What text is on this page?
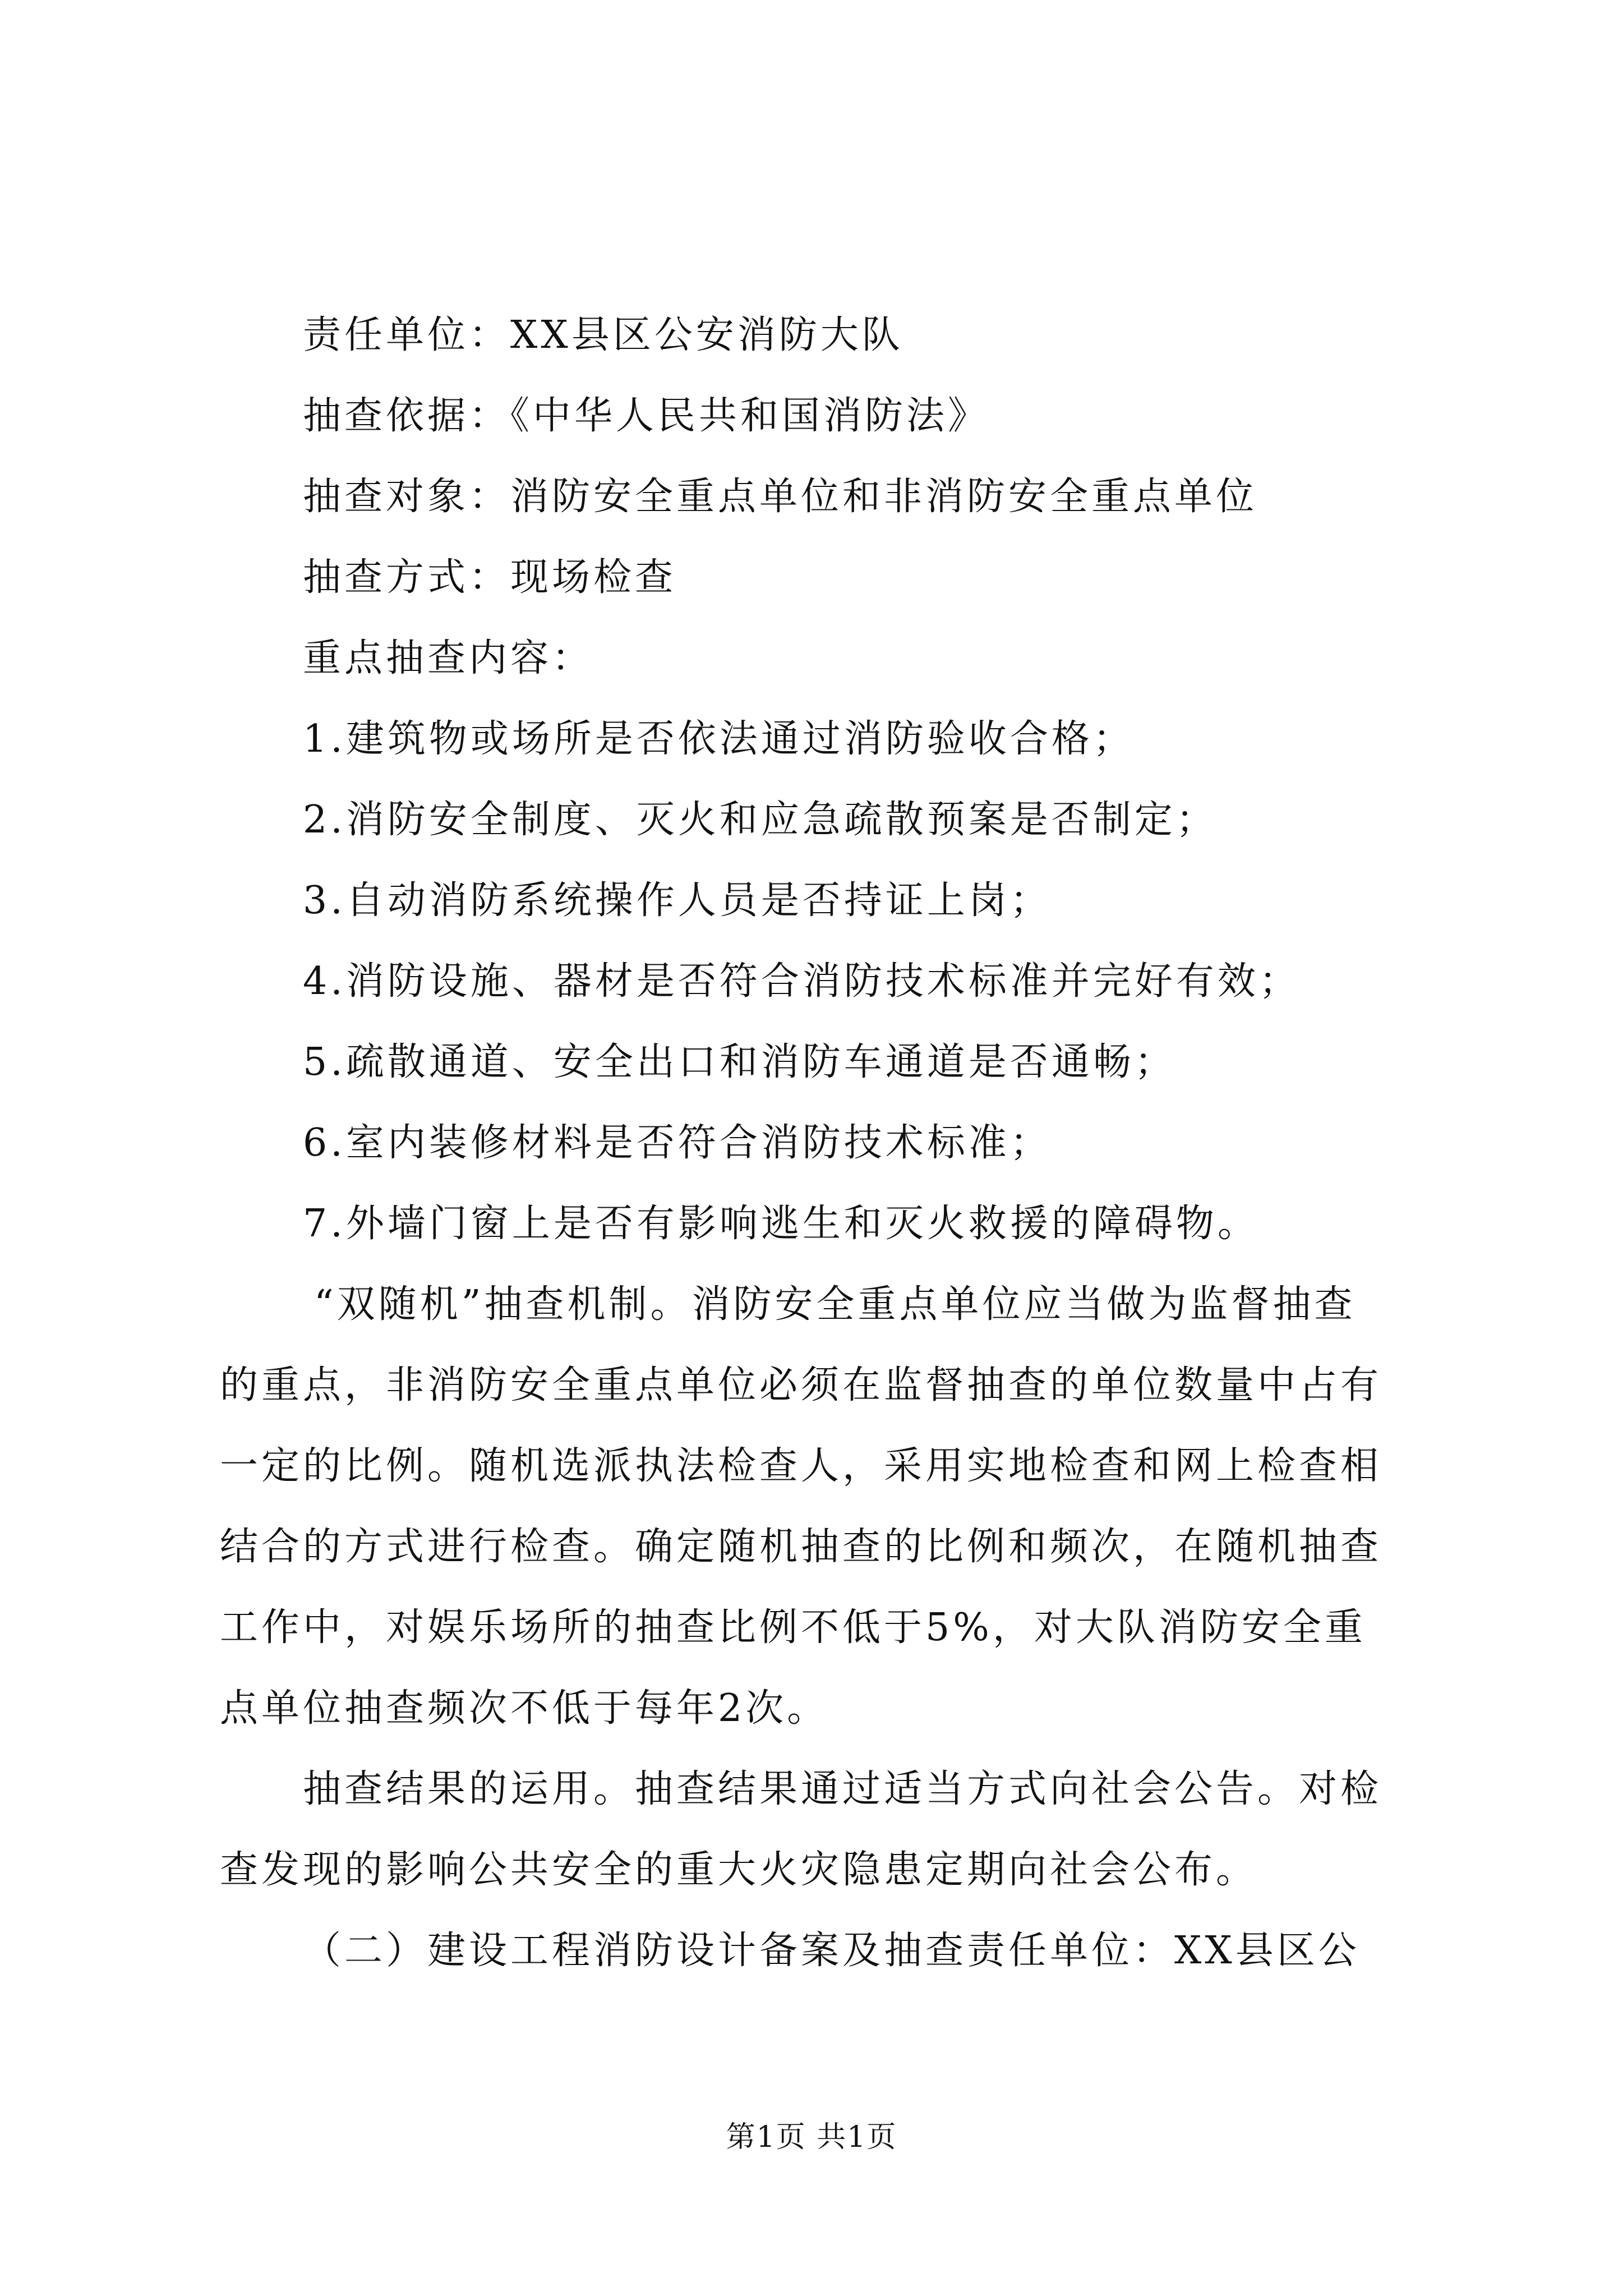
责任单位：XX县区公安消防大队
抽查依据：《中华人民共和国消防法》
抽查对象：消防安全重点单位和非消防安全重点单位
抽查方式：现场检查
重点抽查内容：
1.建筑物或场所是否依法通过消防验收合格；
2.消防安全制度、灭火和应急疏散预案是否制定；
3.自动消防系统操作人员是否持证上岗；
4.消防设施、器材是否符合消防技术标准并完好有效；
5.疏散通道、安全出口和消防车通道是否通畅；
6.室内装修材料是否符合消防技术标准；
7.外墙门窗上是否有影响逃生和灭火救援的障碍物。
“双随机”抽查机制。消防安全重点单位应当做为监督抽查
的重点，非消防安全重点单位必须在监督抽查的单位数量中占有
一定的比例。随机选派执法检查人，采用实地检查和网上检查相
结合的方式进行检查。确定随机抽查的比例和频次，在随机抽查
工作中，对娱乐场所的抽查比例不低于5%，对大队消防安全重
点单位抽查频次不低于每年2次。
抽查结果的运用。抽查结果通过适当方式向社会公告。对检
查发现的影响公共安全的重大火灾隐患定期向社会公布。
（二）建设工程消防设计备案及抽查责任单位：XX县区公
第1页 共1页
